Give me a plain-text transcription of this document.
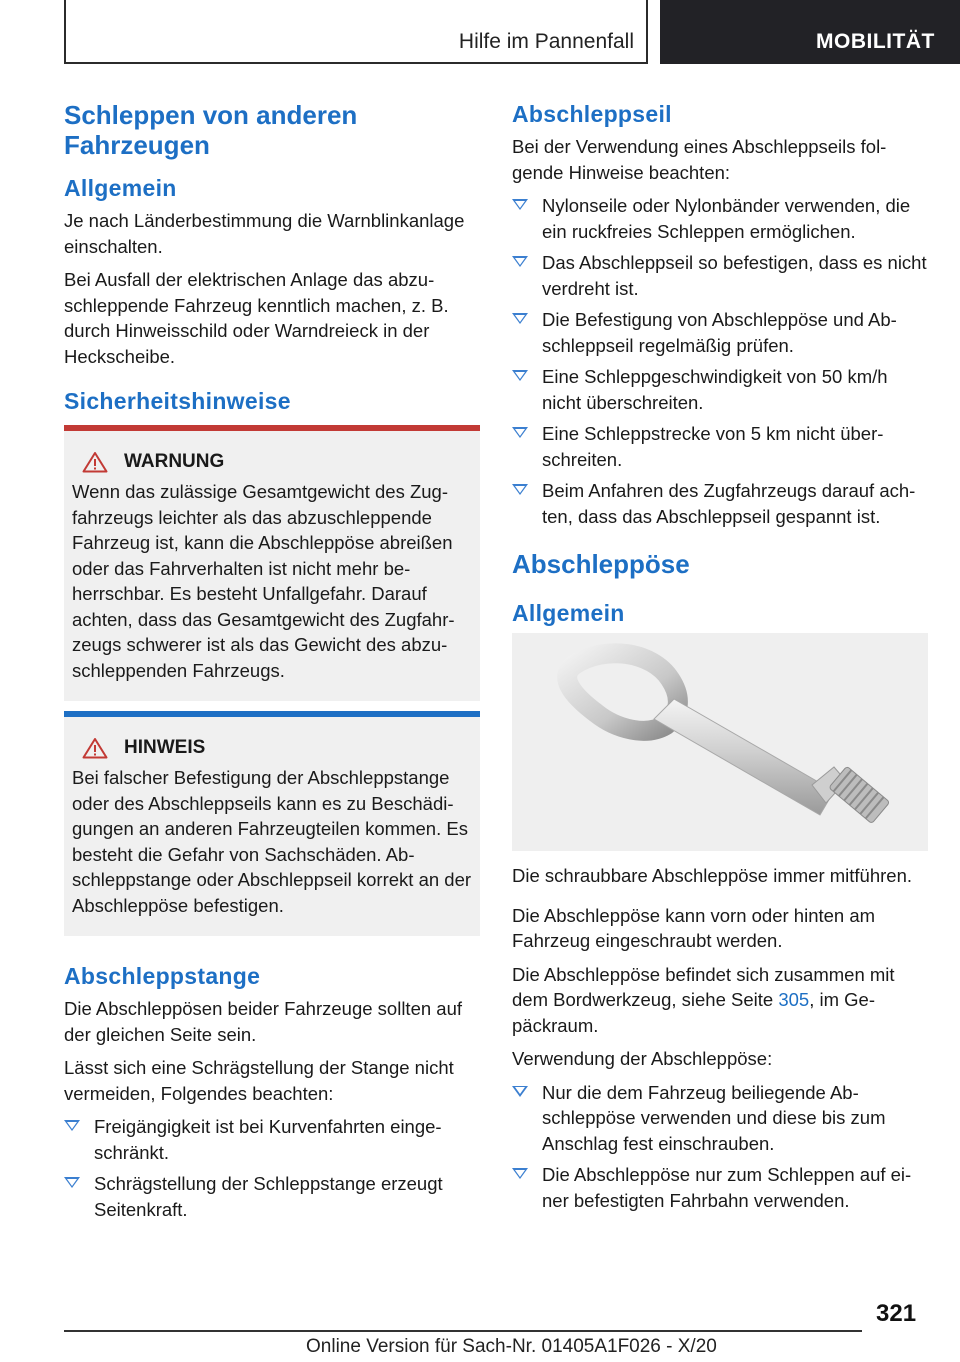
Hilfe im Pannenfall	MOBILITÄT
Schleppen von anderen Fahrzeugen
Allgemein

Je nach Länderbestimmung die Warnblinkanlage einschalten.

Bei Ausfall der elektrischen Anlage das abzu-schleppende Fahrzeug kenntlich machen, z. B. durch Hinweisschild oder Warndreieck in der Heckscheibe.

Sicherheitshinweise
WARNUNG

Wenn das zulässige Gesamtgewicht des Zug-fahrzeugs leichter als das abzuschleppende Fahrzeug ist, kann die Abschleppöse abreißen oder das Fahrverhalten ist nicht mehr be-herrschbar. Es besteht Unfallgefahr. Darauf achten, dass das Gesamtgewicht des Zugfahr-zeugs schwerer ist als das Gewicht des abzu-schleppenden Fahrzeugs.

HINWEIS

Bei falscher Befestigung der Abschleppstange oder des Abschleppseils kann es zu Beschädi-gungen an anderen Fahrzeugteilen kommen. Es besteht die Gefahr von Sachschäden. Ab-schleppstange oder Abschleppseil korrekt an der Abschleppöse befestigen.

Abschleppstange

Die Abschleppösen beider Fahrzeuge sollten auf der gleichen Seite sein.

Lässt sich eine Schrägstellung der Stange nicht vermeiden, Folgendes beachten:

Freigängigkeit ist bei Kurvenfahrten einge-schränkt.
Schrägstellung der Schleppstange erzeugt Seitenkraft.
Abschleppseil

Bei der Verwendung eines Abschleppseils fol-gende Hinweise beachten:

Nylonseile oder Nylonbänder verwenden, die ein ruckfreies Schleppen ermöglichen.
Das Abschleppseil so befestigen, dass es nicht verdreht ist.
Die Befestigung von Abschleppöse und Ab-schleppseil regelmäßig prüfen.
Eine Schleppgeschwindigkeit von 50 km/h nicht überschreiten.
Eine Schleppstrecke von 5 km nicht über-schreiten.
Beim Anfahren des Zugfahrzeugs darauf ach-ten, dass das Abschleppseil gespannt ist.
Abschleppöse
Allgemein

Die schraubbare Abschleppöse immer mitführen.

Die Abschleppöse kann vorn oder hinten am Fahrzeug eingeschraubt werden.

Die Abschleppöse befindet sich zusammen mit dem Bordwerkzeug, siehe Seite 305, im Ge-päckraum.

Verwendung der Abschleppöse:

Nur die dem Fahrzeug beiliegende Ab-schleppöse verwenden und diese bis zum Anschlag fest einschrauben.
Die Abschleppöse nur zum Schleppen auf ei-ner befestigten Fahrbahn verwenden.
321
Online Version für Sach-Nr. 01405A1F026 - X/20
